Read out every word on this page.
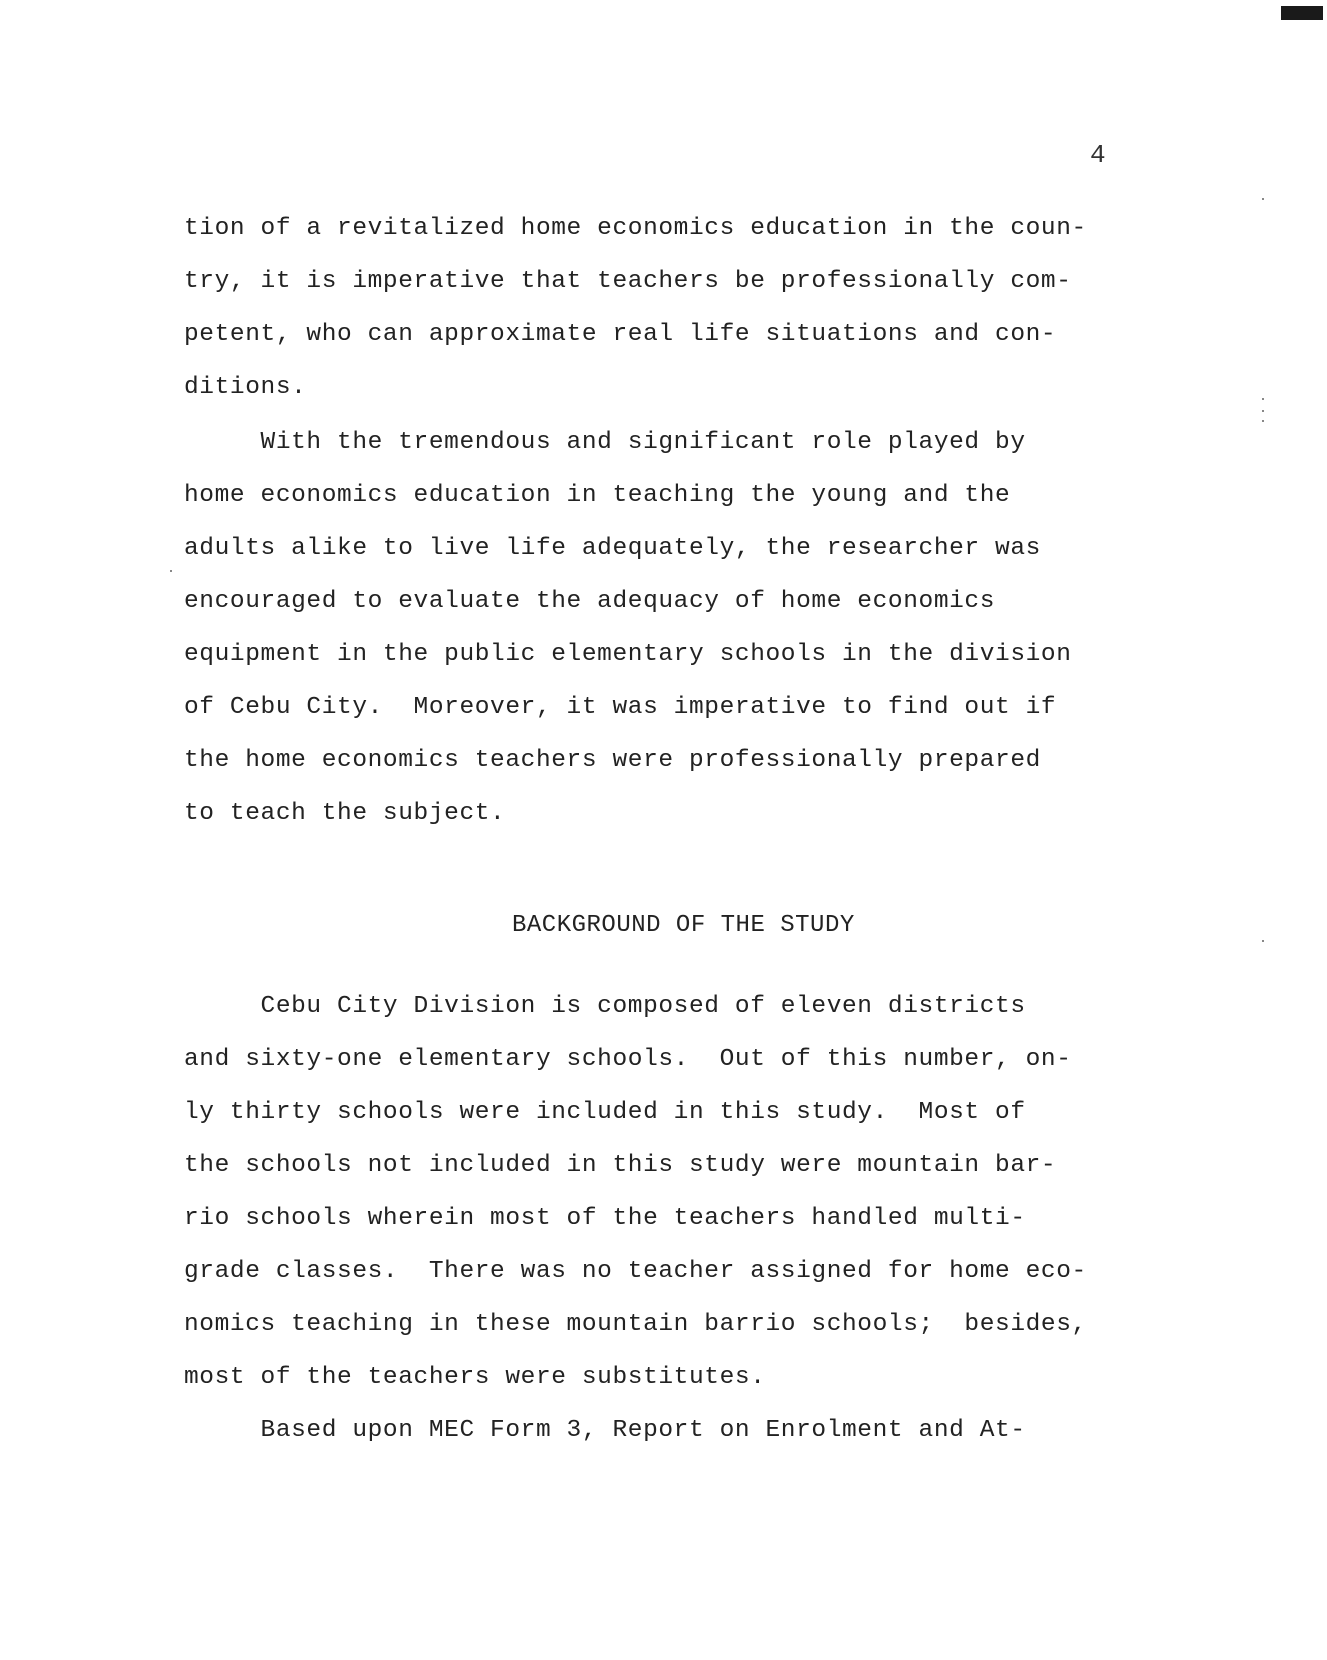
4
tion of a revitalized home economics education in the coun-
try, it is imperative that teachers be professionally com-
petent, who can approximate real life situations and con-
ditions.
With the tremendous and significant role played by
home economics education in teaching the young and the
adults alike to live life adequately, the researcher was
encouraged to evaluate the adequacy of home economics
equipment in the public elementary schools in the division
of Cebu City.  Moreover, it was imperative to find out if
the home economics teachers were professionally prepared
to teach the subject.
BACKGROUND OF THE STUDY
Cebu City Division is composed of eleven districts
and sixty-one elementary schools.  Out of this number, on-
ly thirty schools were included in this study.  Most of
the schools not included in this study were mountain bar-
rio schools wherein most of the teachers handled multi-
grade classes.  There was no teacher assigned for home eco-
nomics teaching in these mountain barrio schools;  besides,
most of the teachers were substitutes.
Based upon MEC Form 3, Report on Enrolment and At-
